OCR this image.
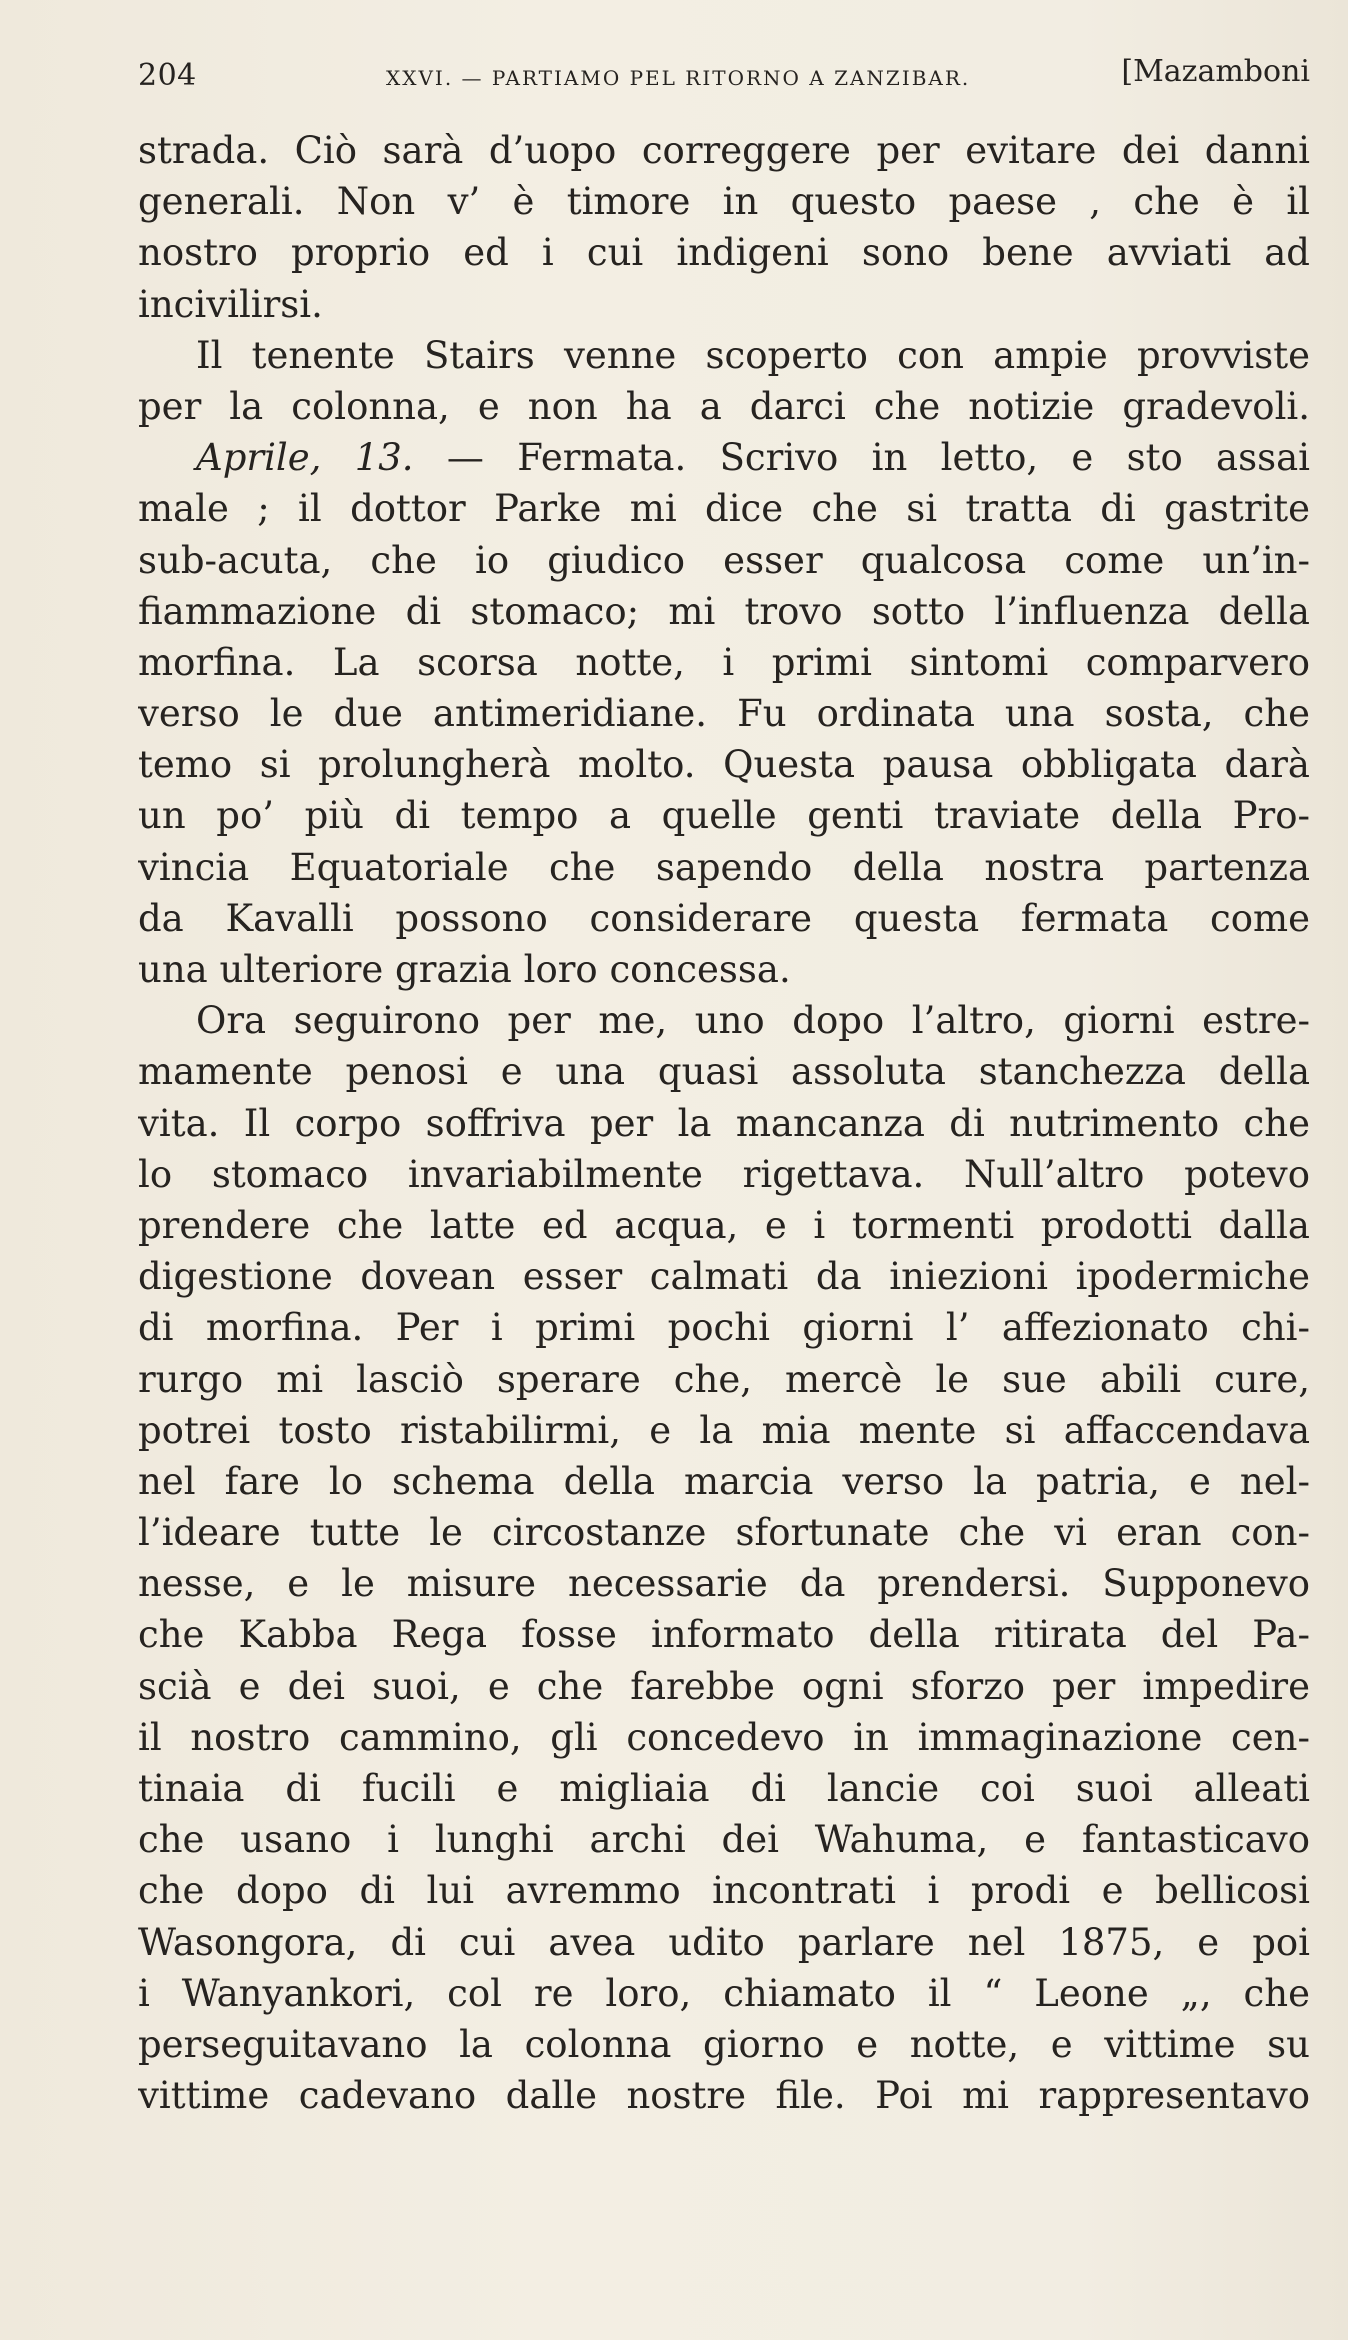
204	XXVI. — PARTIAMO PEL RITORNO A ZANZIBAR.	[Mazamboni
strada. Ciò sarà d’uopo correggere per evitare dei danni
generali. Non v’ è timore in questo paese , che è il
nostro proprio ed i cui indigeni sono bene avviati ad
incivilirsi.
Il tenente Stairs venne scoperto con ampie provviste
per la colonna, e non ha a darci che notizie gradevoli.
Aprile, 13. — Fermata. Scrivo in letto, e sto assai
male ; il dottor Parke mi dice che si tratta di gastrite
sub-acuta, che io giudico esser qualcosa come un’in-
fiammazione di stomaco; mi trovo sotto l’influenza della
morfina. La scorsa notte, i primi sintomi comparvero
verso le due antimeridiane. Fu ordinata una sosta, che
temo si prolungherà molto. Questa pausa obbligata darà
un po’ più di tempo a quelle genti traviate della Pro-
vincia Equatoriale che sapendo della nostra partenza
da Kavalli possono considerare questa fermata come
una ulteriore grazia loro concessa.
Ora seguirono per me, uno dopo l’altro, giorni estre-
mamente penosi e una quasi assoluta stanchezza della
vita. Il corpo soffriva per la mancanza di nutrimento che
lo stomaco invariabilmente rigettava. Null’altro potevo
prendere che latte ed acqua, e i tormenti prodotti dalla
digestione dovean esser calmati da iniezioni ipodermiche
di morfina. Per i primi pochi giorni l’ affezionato chi-
rurgo mi lasciò sperare che, mercè le sue abili cure,
potrei tosto ristabilirmi, e la mia mente si affaccendava
nel fare lo schema della marcia verso la patria, e nel-
l’ideare tutte le circostanze sfortunate che vi eran con-
nesse, e le misure necessarie da prendersi. Supponevo
che Kabba Rega fosse informato della ritirata del Pa-
scià e dei suoi, e che farebbe ogni sforzo per impedire
il nostro cammino, gli concedevo in immaginazione cen-
tinaia di fucili e migliaia di lancie coi suoi alleati
che usano i lunghi archi dei Wahuma, e fantasticavo
che dopo di lui avremmo incontrati i prodi e bellicosi
Wasongora, di cui avea udito parlare nel 1875, e poi
i Wanyankori, col re loro, chiamato il “ Leone „, che
perseguitavano la colonna giorno e notte, e vittime su
vittime cadevano dalle nostre file. Poi mi rappresentavo
